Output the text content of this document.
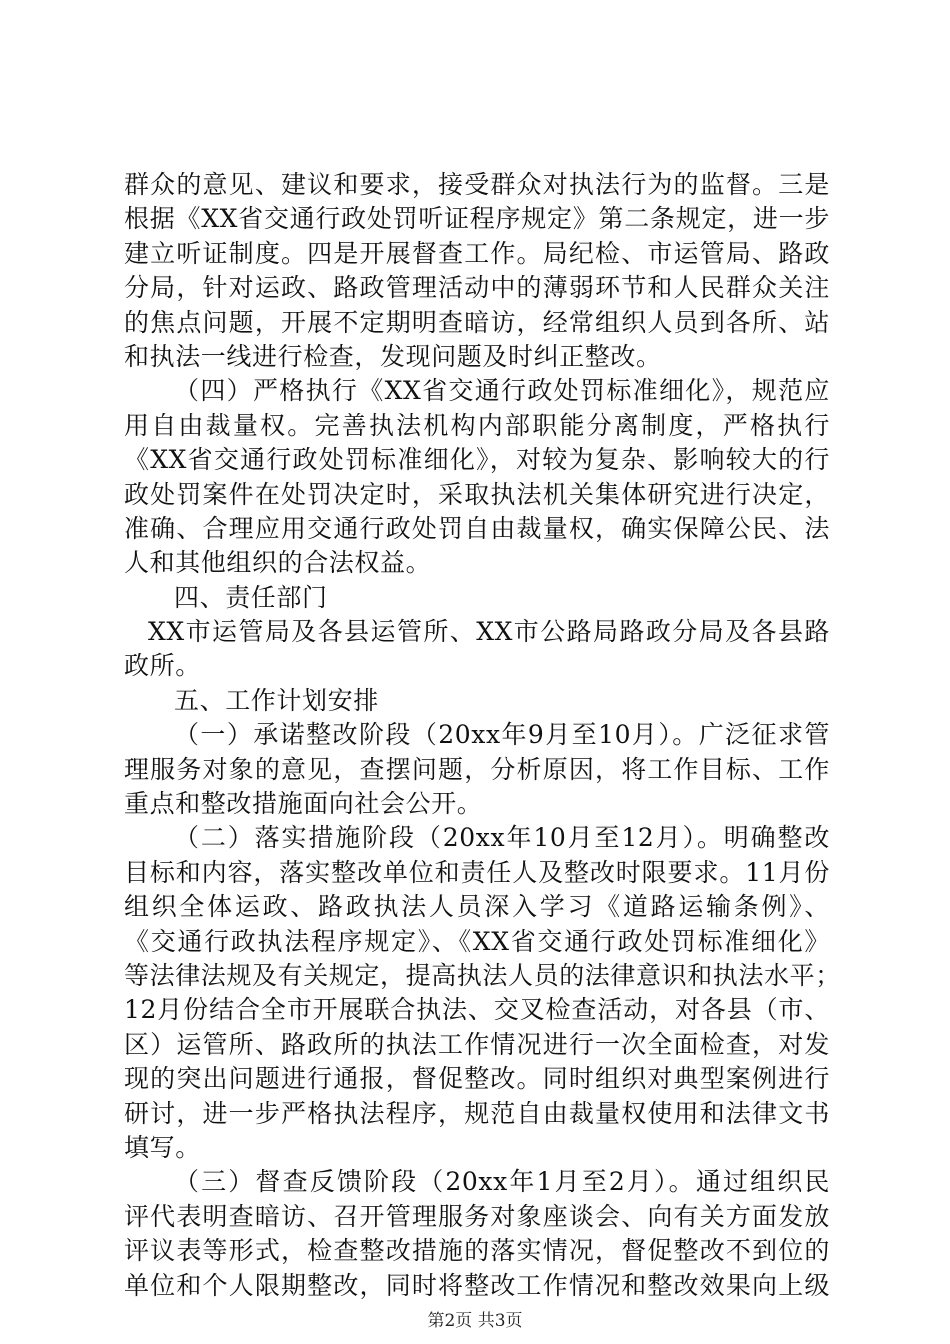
群众的意见、建议和要求，接受群众对执法行为的监督。三是
根据《XX省交通行政处罚听证程序规定》第二条规定，进一步
建立听证制度。四是开展督查工作。局纪检、市运管局、路政
分局，针对运政、路政管理活动中的薄弱环节和人民群众关注
的焦点问题，开展不定期明查暗访，经常组织人员到各所、站
和执法一线进行检查，发现问题及时纠正整改。
（四）严格执行《XX省交通行政处罚标准细化》，规范应
用自由裁量权。完善执法机构内部职能分离制度，严格执行
《XX省交通行政处罚标准细化》，对较为复杂、影响较大的行
政处罚案件在处罚决定时，采取执法机关集体研究进行决定，
准确、合理应用交通行政处罚自由裁量权，确实保障公民、法
人和其他组织的合法权益。
四、责任部门
XX市运管局及各县运管所、XX市公路局路政分局及各县路
政所。
五、工作计划安排
（一）承诺整改阶段（20xx年9月至10月）。广泛征求管
理服务对象的意见，查摆问题，分析原因，将工作目标、工作
重点和整改措施面向社会公开。
（二）落实措施阶段（20xx年10月至12月）。明确整改
目标和内容，落实整改单位和责任人及整改时限要求。11月份
组织全体运政、路政执法人员深入学习《道路运输条例》、
《交通行政执法程序规定》、《XX省交通行政处罚标准细化》
等法律法规及有关规定，提高执法人员的法律意识和执法水平；
12月份结合全市开展联合执法、交叉检查活动，对各县（市、
区）运管所、路政所的执法工作情况进行一次全面检查，对发
现的突出问题进行通报，督促整改。同时组织对典型案例进行
研讨，进一步严格执法程序，规范自由裁量权使用和法律文书
填写。
（三）督查反馈阶段（20xx年1月至2月）。通过组织民
评代表明查暗访、召开管理服务对象座谈会、向有关方面发放
评议表等形式，检查整改措施的落实情况，督促整改不到位的
单位和个人限期整改，同时将整改工作情况和整改效果向上级
第2页 共3页
